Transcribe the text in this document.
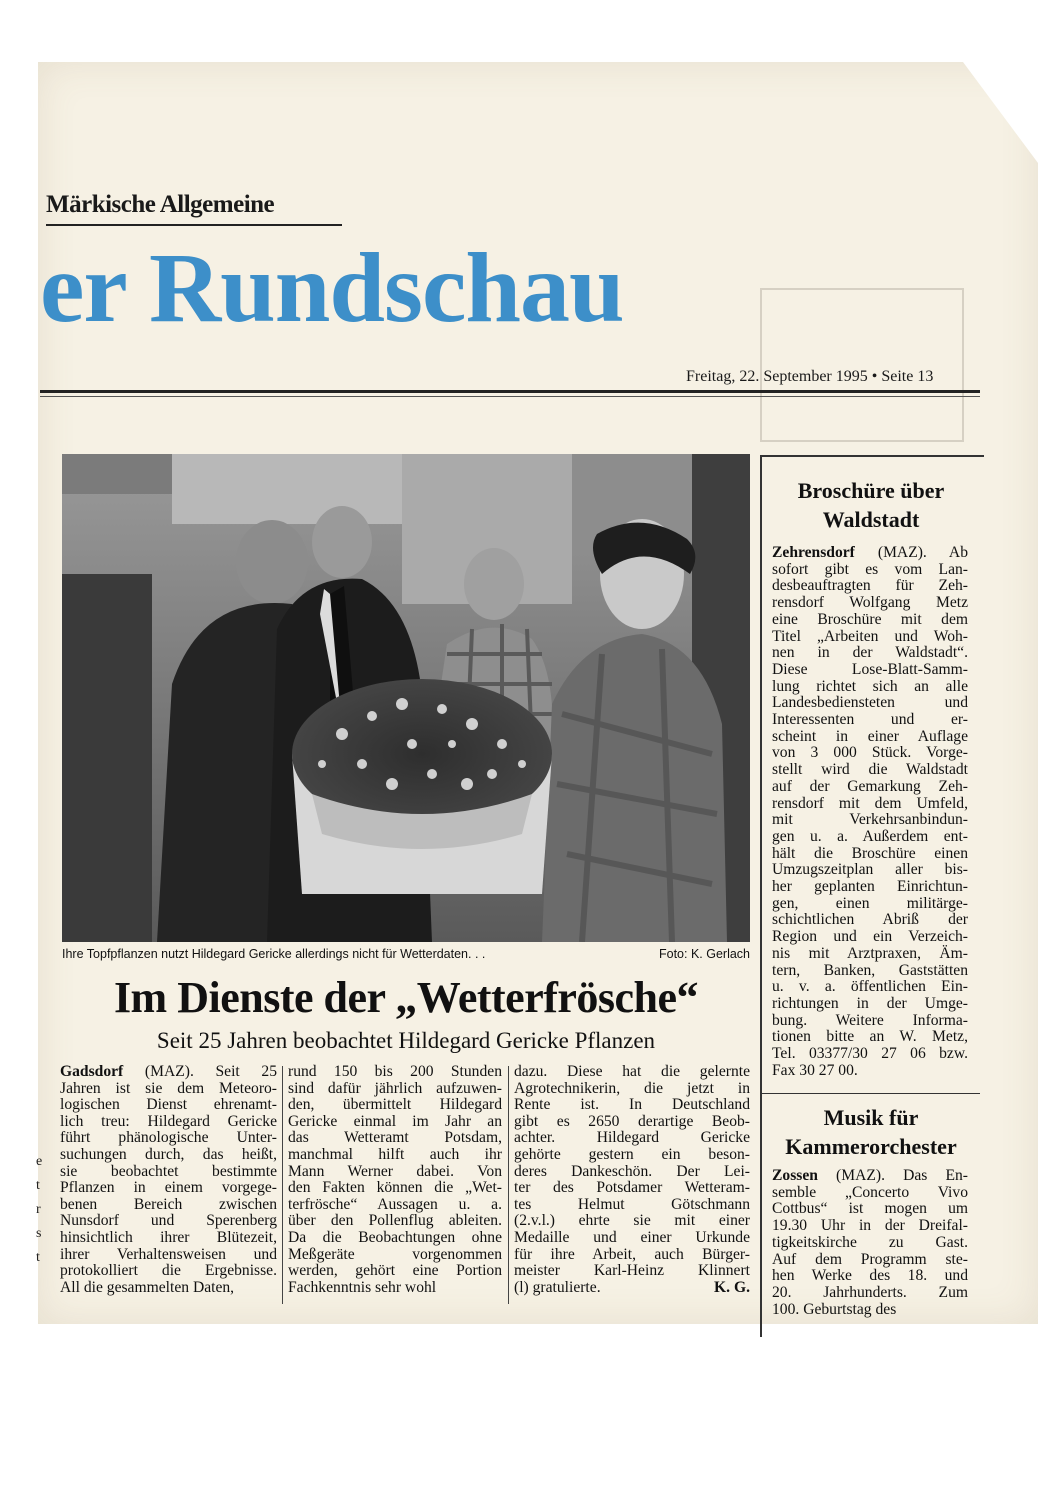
Märkische Allgemeine
er Rundschau
Freitag, 22. September 1995 • Seite 13
Ihre Topfpflanzen nutzt Hildegard Gericke allerdings nicht für Wetterdaten. . .	Foto: K. Gerlach
Im Dienste der „Wetterfrösche“
Seit 25 Jahren beobachtet Hildegard Gericke Pflanzen
Gadsdorf (MAZ). Seit 25
Jahren ist sie dem Meteoro-
logischen Dienst ehrenamt-
lich treu: Hildegard Gericke
führt phänologische Unter-
suchungen durch, das heißt,
sie beobachtet bestimmte
Pflanzen in einem vorgege-
benen Bereich zwischen
Nunsdorf und Sperenberg
hinsichtlich ihrer Blütezeit,
ihrer Verhaltensweisen und
protokolliert die Ergebnisse.
All die gesammelten Daten,
rund 150 bis 200 Stunden
sind dafür jährlich aufzuwen-
den, übermittelt Hildegard
Gericke einmal im Jahr an
das Wetteramt Potsdam,
manchmal hilft auch ihr
Mann Werner dabei. Von
den Fakten können die „Wet-
terfrösche“ Aussagen u. a.
über den Pollenflug ableiten.
Da die Beobachtungen ohne
Meßgeräte vorgenommen
werden, gehört eine Portion
Fachkenntnis sehr wohl
dazu. Diese hat die gelernte
Agrotechnikerin, die jetzt in
Rente ist. In Deutschland
gibt es 2650 derartige Beob-
achter. Hildegard Gericke
gehörte gestern ein beson-
deres Dankeschön. Der Lei-
ter des Potsdamer Wetteram-
tes Helmut Götschmann
(2.v.l.) ehrte sie mit einer
Medaille und einer Urkunde
für ihre Arbeit, auch Bürger-
meister Karl-Heinz Klinnert
(l) gratulierte.	K. G.
e
t
r
s
t
Broschüre über
Waldstadt
Zehrensdorf (MAZ). Ab
sofort gibt es vom Lan-
desbeauftragten für Zeh-
rensdorf Wolfgang Metz
eine Broschüre mit dem
Titel „Arbeiten und Woh-
nen in der Waldstadt“.
Diese Lose-Blatt-Samm-
lung richtet sich an alle
Landesbediensteten und
Interessenten und er-
scheint in einer Auflage
von 3 000 Stück. Vorge-
stellt wird die Waldstadt
auf der Gemarkung Zeh-
rensdorf mit dem Umfeld,
mit Verkehrsanbindun-
gen u. a. Außerdem ent-
hält die Broschüre einen
Umzugszeitplan aller bis-
her geplanten Einrichtun-
gen, einen militärge-
schichtlichen Abriß der
Region und ein Verzeich-
nis mit Arztpraxen, Äm-
tern, Banken, Gaststätten
u. v. a. öffentlichen Ein-
richtungen in der Umge-
bung. Weitere Informa-
tionen bitte an W. Metz,
Tel. 03377/30 27 06 bzw.
Fax 30 27 00.
Musik für
Kammerorchester
Zossen (MAZ). Das En-
semble „Concerto Vivo
Cottbus“ ist mogen um
19.30 Uhr in der Dreifal-
tigkeitskirche zu Gast.
Auf dem Programm ste-
hen Werke des 18. und
20. Jahrhunderts. Zum
100. Geburtstag des
